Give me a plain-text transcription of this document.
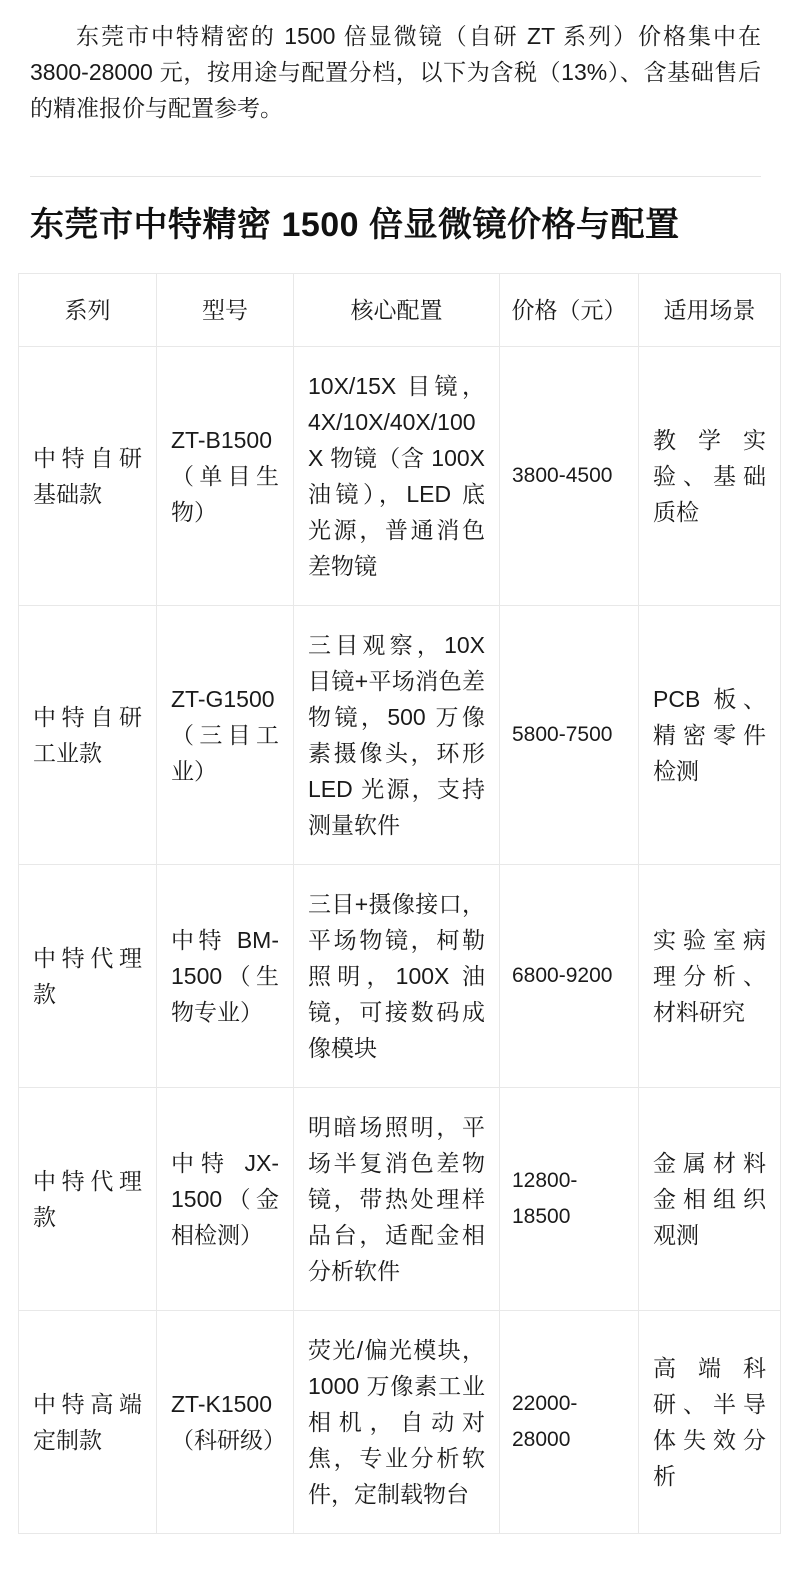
东莞市中特精密的 1500 倍显微镜（自研 ZT 系列）价格集中在 3800-28000 元，按用途与配置分档，以下为含税（13%）、含基础售后的精准报价与配置参考。

东莞市中特精密 1500 倍显微镜价格与配置
系列	型号	核心配置	价格（元）	适用场景
中特自研基础款	ZT-B1500（单目生物）	10X/15X 目镜，4X/10X/40X/100X 物镜（含 100X 油镜），LED 底光源，普通消色差物镜	3800-4500	教学实验、基础质检
中特自研工业款	ZT-G1500（三目工业）	三目观察，10X 目镜+平场消色差物镜，500 万像素摄像头，环形 LED 光源，支持测量软件	5800-7500	PCB 板、精密零件检测
中特代理款	中特 BM-1500（生物专业）	三目+摄像接口，平场物镜，柯勒照明，100X 油镜，可接数码成像模块	6800-9200	实验室病理分析、材料研究
中特代理款	中特 JX-1500（金相检测）	明暗场照明，平场半复消色差物镜，带热处理样品台，适配金相分析软件	12800-18500	金属材料金相组织观测
中特高端定制款	ZT-K1500（科研级）	荧光/偏光模块，1000 万像素工业相机，自动对焦，专业分析软件，定制载物台	22000-28000	高端科研、半导体失效分析
